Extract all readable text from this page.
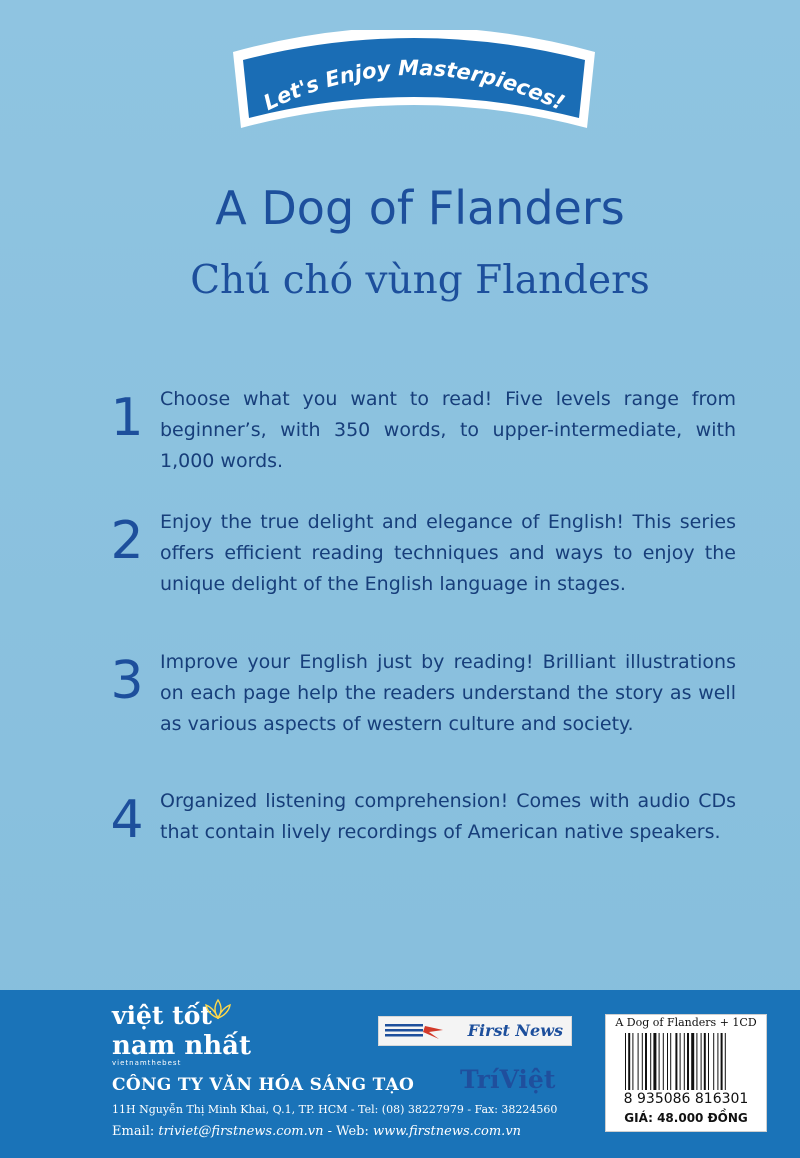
Let's Enjoy Masterpieces!
A Dog of Flanders
Chú chó vùng Flanders
1 Choose what you want to read! Five levels range from beginner’s, with 350 words, to upper-intermediate, with 1,000 words.
2 Enjoy the true delight and elegance of English! This series offers efficient reading techniques and ways to enjoy the unique delight of the English language in stages.
3 Improve your English just by reading! Brilliant illustrations on each page help the readers understand the story as well as various aspects of western culture and society.
4 Organized listening comprehension! Comes with audio CDs that contain lively recordings of American native speakers.
việt tốt
nam nhất
vietnamthebest
First News
CÔNG TY VĂN HÓA SÁNG TẠO TríViệt
11H Nguyễn Thị Minh Khai, Q.1, TP. HCM - Tel: (08) 38227979 - Fax: 38224560
Email: triviet@firstnews.com.vn - Web: www.firstnews.com.vn
A Dog of Flanders + 1CD
8 935086 816301
GIÁ: 48.000 ĐỒNG
